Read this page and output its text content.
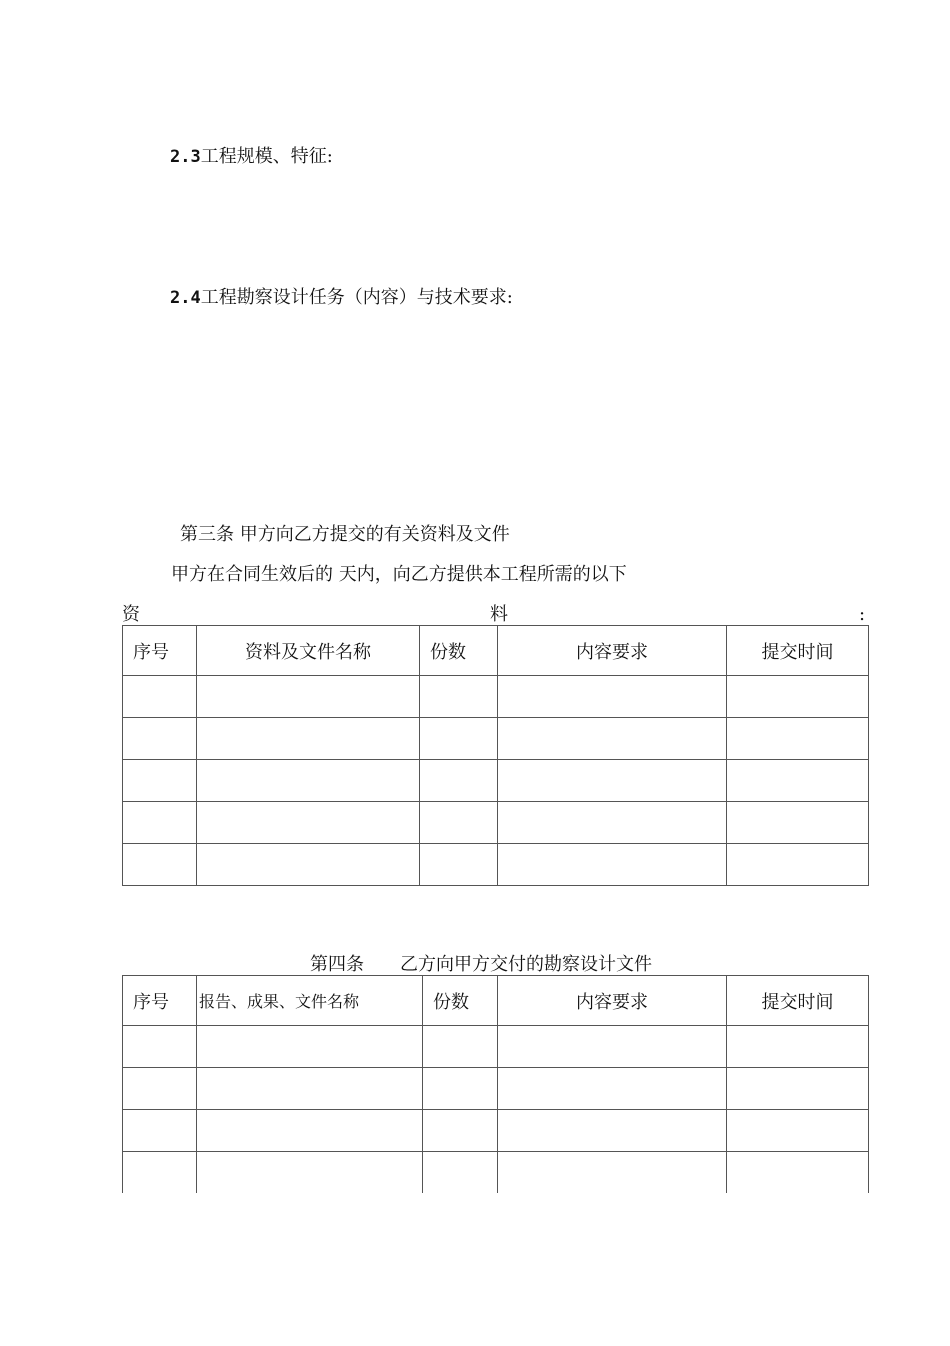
2.3工程规模、特征:
2.4工程勘察设计任务（内容）与技术要求:
第三条 甲方向乙方提交的有关资料及文件
甲方在合同生效后的 天内，向乙方提供本工程所需的以下
资	料	:
序号	资料及文件名称	份数	内容要求	提交时间

第四条 乙方向甲方交付的勘察设计文件
序号	报告、成果、文件名称	份数	内容要求	提交时间
